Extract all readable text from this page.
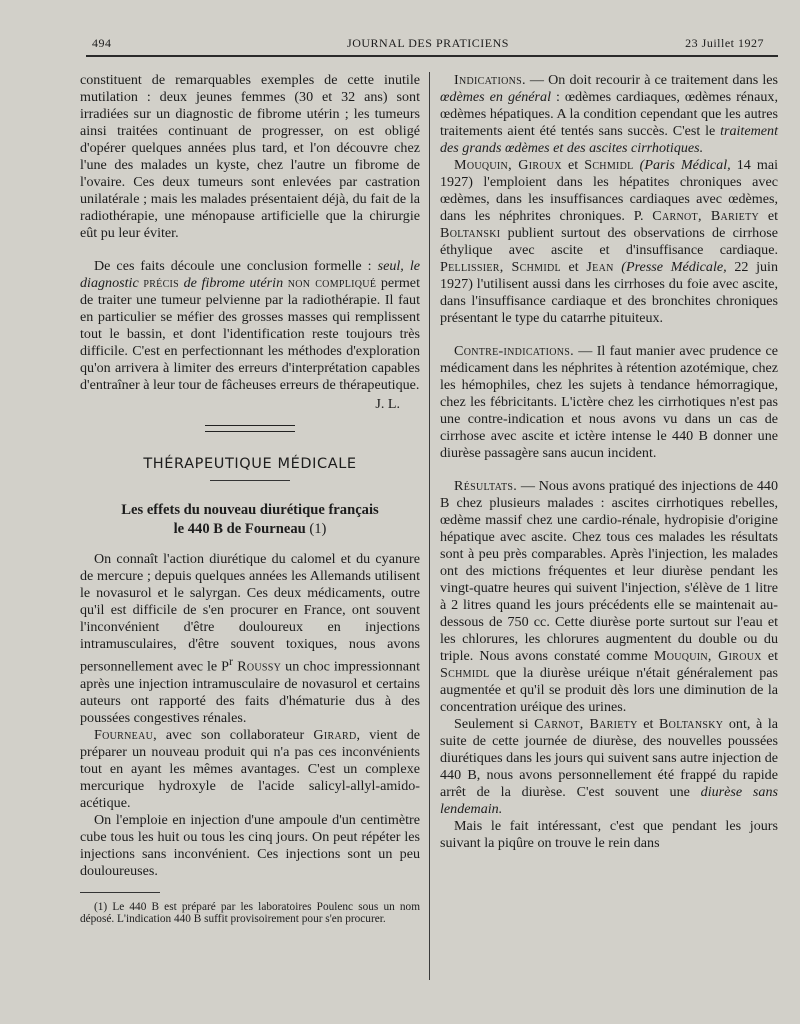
494	JOURNAL DES PRATICIENS	23 Juillet 1927

constituent de remarquables exemples de cette inutile mutilation : deux jeunes femmes (30 et 32 ans) sont irradiées sur un diagnostic de fibrome utérin ; les tumeurs ainsi traitées continuant de progresser, on est obligé d'opérer quelques années plus tard, et l'on découvre chez l'une des malades un kyste, chez l'autre un fibrome de l'ovaire. Ces deux tumeurs sont enlevées par castration unilatérale ; mais les malades présentaient déjà, du fait de la radiothérapie, une ménopause artificielle que la chirurgie eût pu leur éviter.

De ces faits découle une conclusion formelle : seul, le diagnostic précis de fibrome utérin non compliqué permet de traiter une tumeur pelvienne par la radiothérapie. Il faut en particulier se méfier des grosses masses qui remplissent tout le bassin, et dont l'identification reste toujours très difficile. C'est en perfectionnant les méthodes d'exploration qu'on arrivera à limiter des erreurs d'interprétation capables d'entraîner à leur tour de fâcheuses erreurs de thérapeutique.

J. L.

THÉRAPEUTIQUE MÉDICALE
Les effets du nouveau diurétique français
le 440 B de Fourneau (1)

On connaît l'action diurétique du calomel et du cyanure de mercure ; depuis quelques années les Allemands utilisent le novasurol et le salyrgan. Ces deux médicaments, outre qu'il est difficile de s'en procurer en France, ont souvent l'inconvénient d'être douloureux en injections intramusculaires, d'être souvent toxiques, nous avons personnellement avec le $P^r$ Roussy un choc impressionnant après une injection intramusculaire de novasurol et certains auteurs ont rapporté des faits d'hématurie dus à des poussées congestives rénales.

Fourneau, avec son collaborateur Girard, vient de préparer un nouveau produit qui n'a pas ces inconvénients tout en ayant les mêmes avantages. C'est un complexe mercurique hydroxyle de l'acide salicyl-allyl-amido-acétique.

On l'emploie en injection d'une ampoule d'un centimètre cube tous les huit ou tous les cinq jours. On peut répéter les injections sans inconvénient. Ces injections sont un peu douloureuses.

(1) Le 440 B est préparé par les laboratoires Poulenc sous un nom déposé. L'indication 440 B suffit provisoirement pour s'en procurer.

Indications. — On doit recourir à ce traitement dans les œdèmes en général : œdèmes cardiaques, œdèmes rénaux, œdèmes hépatiques. A la condition cependant que les autres traitements aient été tentés sans succès. C'est le traitement des grands œdèmes et des ascites cirrhotiques.

Mouquin, Giroux et Schmidl (Paris Médical, 14 mai 1927) l'emploient dans les hépatites chroniques avec œdèmes, dans les insuffisances cardiaques avec œdèmes, dans les néphrites chroniques. P. Carnot, Bariety et Boltanski publient surtout des observations de cirrhose éthylique avec ascite et d'insuffisance cardiaque. Pellissier, Schmidl et Jean (Presse Médicale, 22 juin 1927) l'utilisent aussi dans les cirrhoses du foie avec ascite, dans l'insuffisance cardiaque et des bronchites chroniques présentant le type du catarrhe pituiteux.

Contre-indications. — Il faut manier avec prudence ce médicament dans les néphrites à rétention azotémique, chez les hémophiles, chez les sujets à tendance hémorragique, chez les fébricitants. L'ictère chez les cirrhotiques n'est pas une contre-indication et nous avons vu dans un cas de cirrhose avec ascite et ictère intense le 440 B donner une diurèse passagère sans aucun incident.

Résultats. — Nous avons pratiqué des injections de 440 B chez plusieurs malades : ascites cirrhotiques rebelles, œdème massif chez une cardio-rénale, hydropisie d'origine hépatique avec ascite. Chez tous ces malades les résultats sont à peu près comparables. Après l'injection, les malades ont des mictions fréquentes et leur diurèse pendant les vingt-quatre heures qui suivent l'injection, s'élève de 1 litre à 2 litres quand les jours précédents elle se maintenait au-dessous de 750 cc. Cette diurèse porte surtout sur l'eau et les chlorures, les chlorures augmentent du double ou du triple. Nous avons constaté comme Mouquin, Giroux et Schmidl que la diurèse uréique n'était généralement pas augmentée et qu'il se produit dès lors une diminution de la concentration uréique des urines.

Seulement si Carnot, Bariety et Boltansky ont, à la suite de cette journée de diurèse, des nouvelles poussées diurétiques dans les jours qui suivent sans autre injection de 440 B, nous avons personnellement été frappé du rapide arrêt de la diurèse. C'est souvent une diurèse sans lendemain.

Mais le fait intéressant, c'est que pendant les jours suivant la piqûre on trouve le rein dans
